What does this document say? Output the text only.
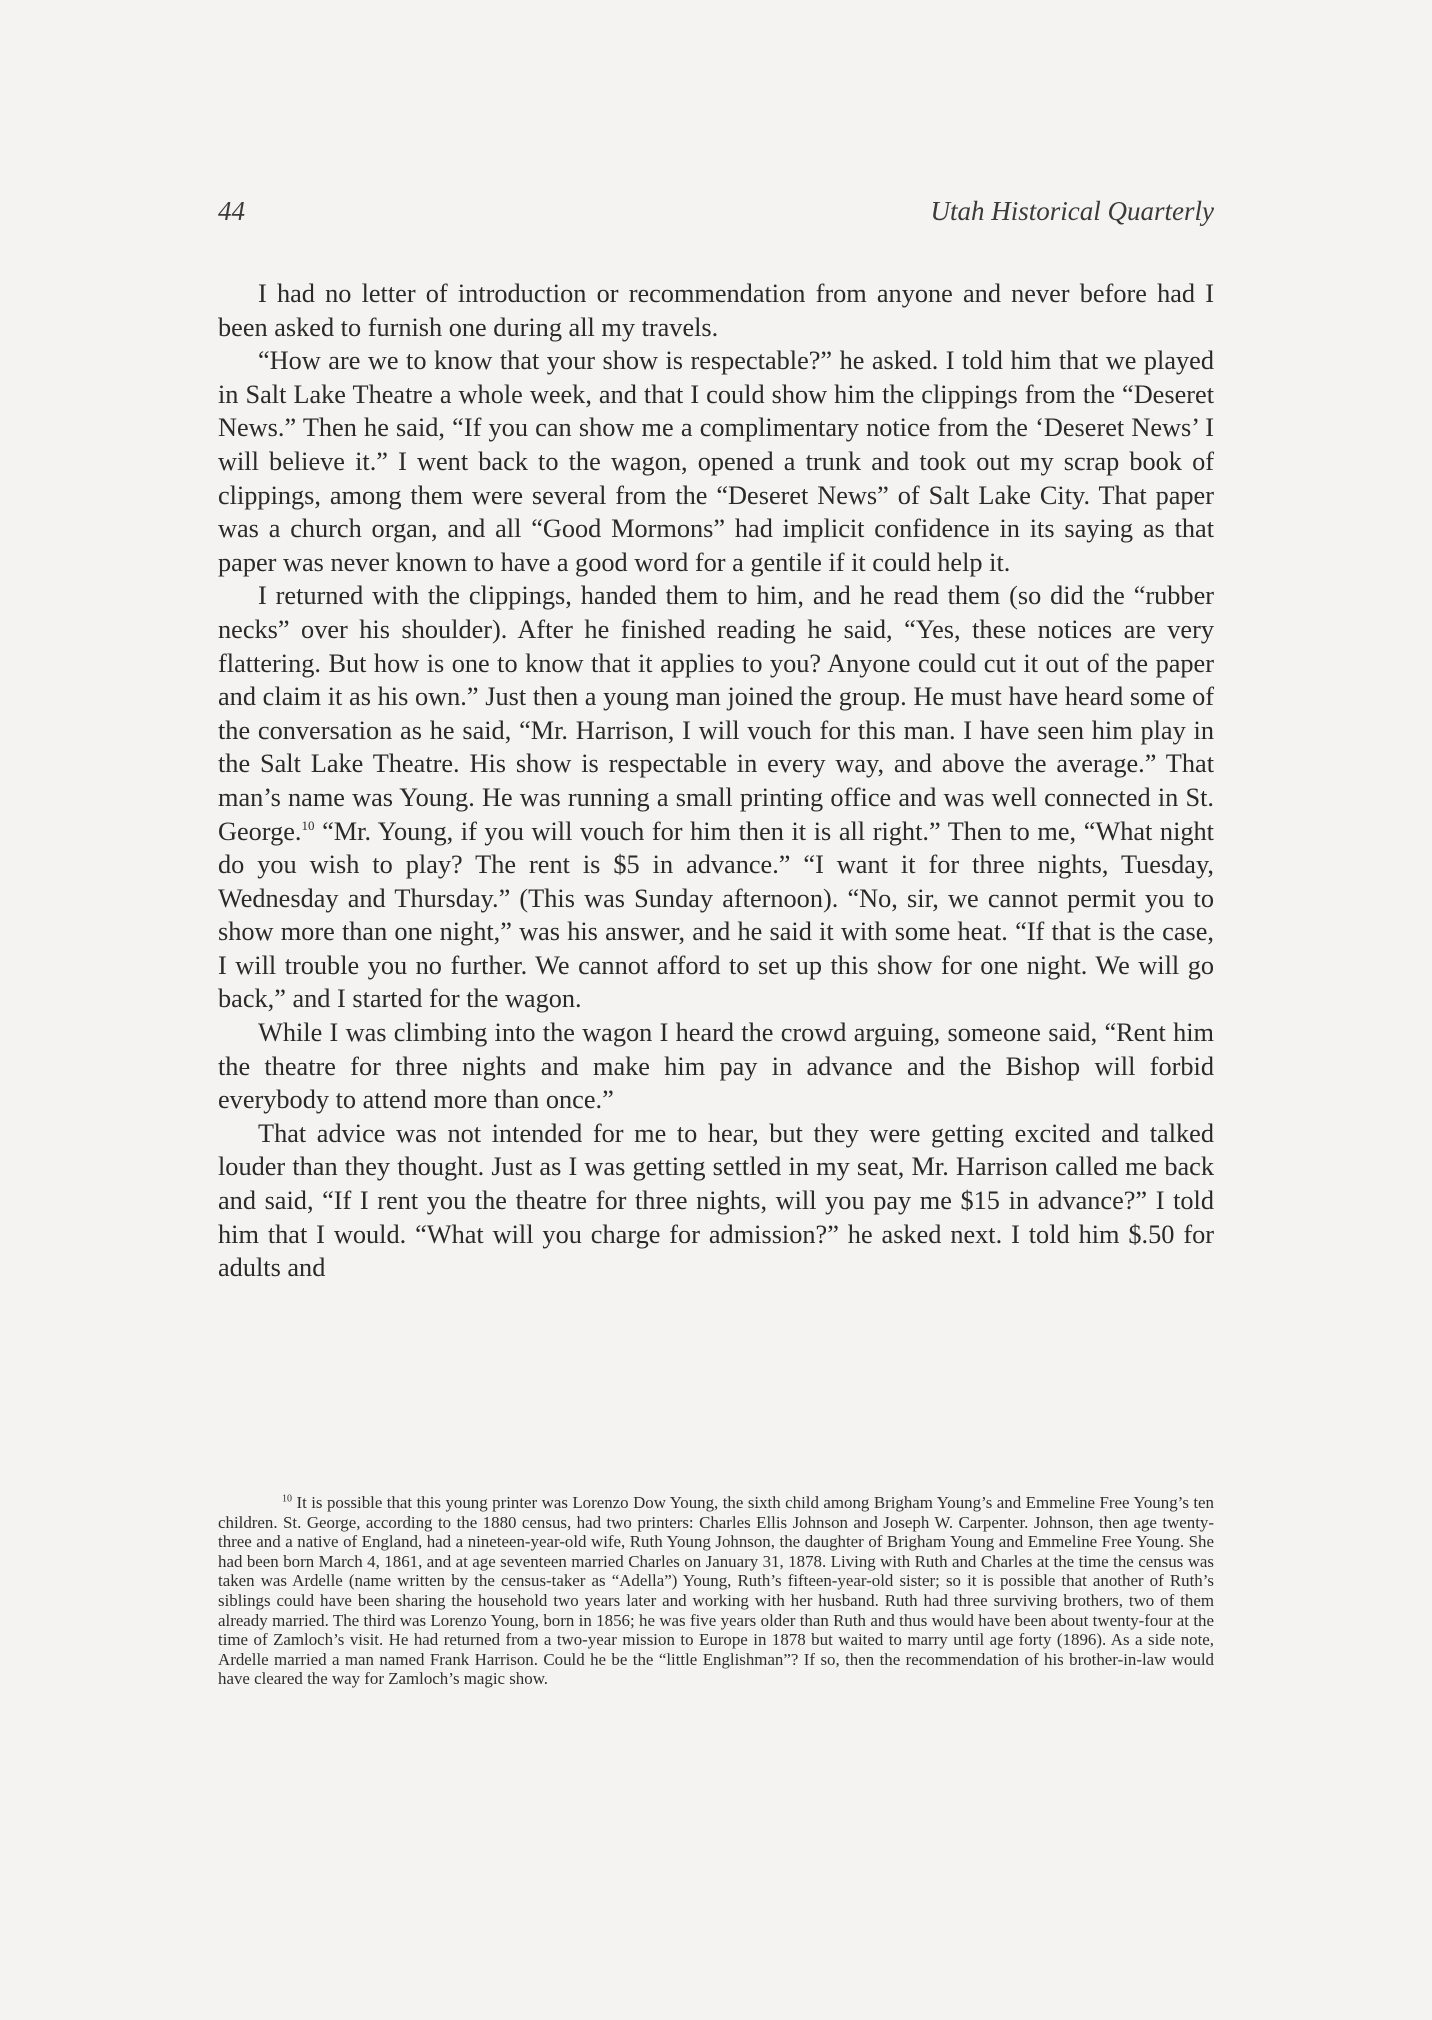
44	Utah Historical Quarterly

I had no letter of introduction or recommendation from anyone and never before had I been asked to furnish one during all my travels.

“How are we to know that your show is respectable?” he asked. I told him that we played in Salt Lake Theatre a whole week, and that I could show him the clippings from the “Deseret News.” Then he said, “If you can show me a complimentary notice from the ‘Deseret News’ I will believe it.” I went back to the wagon, opened a trunk and took out my scrap book of clippings, among them were several from the “Deseret News” of Salt Lake City. That paper was a church organ, and all “Good Mormons” had implicit confidence in its saying as that paper was never known to have a good word for a gentile if it could help it.

I returned with the clippings, handed them to him, and he read them (so did the “rubber necks” over his shoulder). After he finished reading he said, “Yes, these notices are very flattering. But how is one to know that it applies to you? Anyone could cut it out of the paper and claim it as his own.” Just then a young man joined the group. He must have heard some of the conversation as he said, “Mr. Harrison, I will vouch for this man. I have seen him play in the Salt Lake Theatre. His show is respectable in every way, and above the average.” That man’s name was Young. He was running a small printing office and was well connected in St. George.$^{10}$ “Mr. Young, if you will vouch for him then it is all right.” Then to me, “What night do you wish to play? The rent is $5 in advance.” “I want it for three nights, Tuesday, Wednesday and Thursday.” (This was Sunday afternoon). “No, sir, we cannot permit you to show more than one night,” was his answer, and he said it with some heat. “If that is the case, I will trouble you no further. We cannot afford to set up this show for one night. We will go back,” and I started for the wagon.

While I was climbing into the wagon I heard the crowd arguing, someone said, “Rent him the theatre for three nights and make him pay in advance and the Bishop will forbid everybody to attend more than once.”

That advice was not intended for me to hear, but they were getting excited and talked louder than they thought. Just as I was getting settled in my seat, Mr. Harrison called me back and said, “If I rent you the theatre for three nights, will you pay me $15 in advance?” I told him that I would. “What will you charge for admission?” he asked next. I told him $.50 for adults and

$^{10}$ It is possible that this young printer was Lorenzo Dow Young, the sixth child among Brigham Young’s and Emmeline Free Young’s ten children. St. George, according to the 1880 census, had two printers: Charles Ellis Johnson and Joseph W. Carpenter. Johnson, then age twenty-three and a native of England, had a nineteen-year-old wife, Ruth Young Johnson, the daughter of Brigham Young and Emmeline Free Young. She had been born March 4, 1861, and at age seventeen married Charles on January 31, 1878. Living with Ruth and Charles at the time the census was taken was Ardelle (name written by the census-taker as “Adella”) Young, Ruth’s fifteen-year-old sister; so it is possible that another of Ruth’s siblings could have been sharing the household two years later and working with her husband. Ruth had three surviving brothers, two of them already married. The third was Lorenzo Young, born in 1856; he was five years older than Ruth and thus would have been about twenty-four at the time of Zamloch’s visit. He had returned from a two-year mission to Europe in 1878 but waited to marry until age forty (1896). As a side note, Ardelle married a man named Frank Harrison. Could he be the “little Englishman”? If so, then the recommendation of his brother-in-law would have cleared the way for Zamloch’s magic show.
